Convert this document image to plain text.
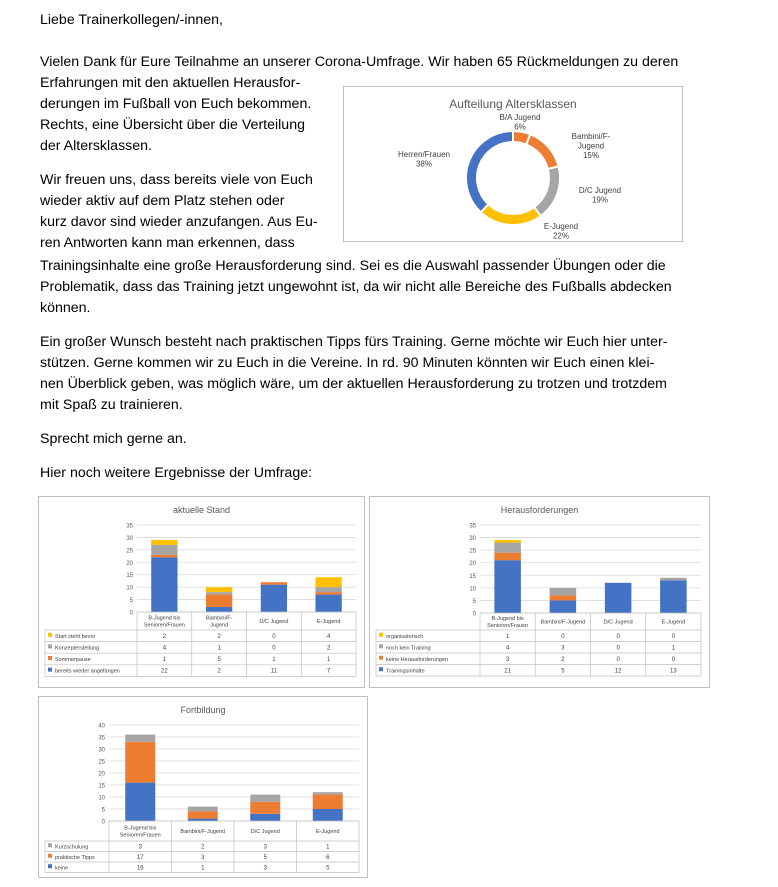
Liebe Trainerkollegen/-innen,

Vielen Dank für Eure Teilnahme an unserer Corona-Umfrage. Wir haben 65 Rückmeldungen zu deren

Erfahrungen mit den aktuellen Herausfor-

derungen im Fußball von Euch bekommen.

Rechts, eine Übersicht über die Verteilung

der Altersklassen.

Wir freuen uns, dass bereits viele von Euch

wieder aktiv auf dem Platz stehen oder

kurz davor sind wieder anzufangen. Aus Eu-

ren Antworten kann man erkennen, dass

Trainingsinhalte eine große Herausforderung sind. Sei es die Auswahl passender Übungen oder die

Problematik, dass das Training jetzt ungewohnt ist, da wir nicht alle Bereiche des Fußballs abdecken

können.

Ein großer Wunsch besteht nach praktischen Tipps fürs Training. Gerne möchte wir Euch hier unter-

stützen. Gerne kommen wir zu Euch in die Vereine. In rd. 90 Minuten könnten wir Euch einen klei-

nen Überblick geben, was möglich wäre, um der aktuellen Herausforderung zu trotzen und trotzdem

mit Spaß zu trainieren.

Sprecht mich gerne an.

Hier noch weitere Ergebnisse der Umfrage:

Aufteilung Altersklassen
B/A Jugend 6%
Bambini/F-Jugend 15%
D/C Jugend 19%
E-Jugend 22%
Herren/Frauen 38%
aktuelle Stand
0
5
10
15
20
25
30
35
B-Jugend bis Senioren/Frauen
Bambini/F-Jugend
D/C Jugend	E-Jugend
Start steht bevor	2	2	0	4
Konzepterstellung	4	1	0	2
Sommerpause	1	5	1	1
bereits wieder angefangen	22	2	11	7
Herausforderungen
0
5
10
15
20
25
30
35
B-Jugend bis Senioren/Frauen
Bambini/F-Jugend	D/C Jugend	E-Jugend
organisatorisch	1	0	0	0
noch kein Training	4	3	0	1
keine Herausforderungen	3	2	0	0
Trainingsinhalte	21	5	12	13
Fortbildung
0
5
10
15
20
25
30
35
40
B-Jugend bis Senioren/Frauen
Bambini/F-Jugend	D/C Jugend	E-Jugend
Kurzschulung	3	2	3	1
praktische Tipps	17	3	5	6
keine	16	1	3	5
